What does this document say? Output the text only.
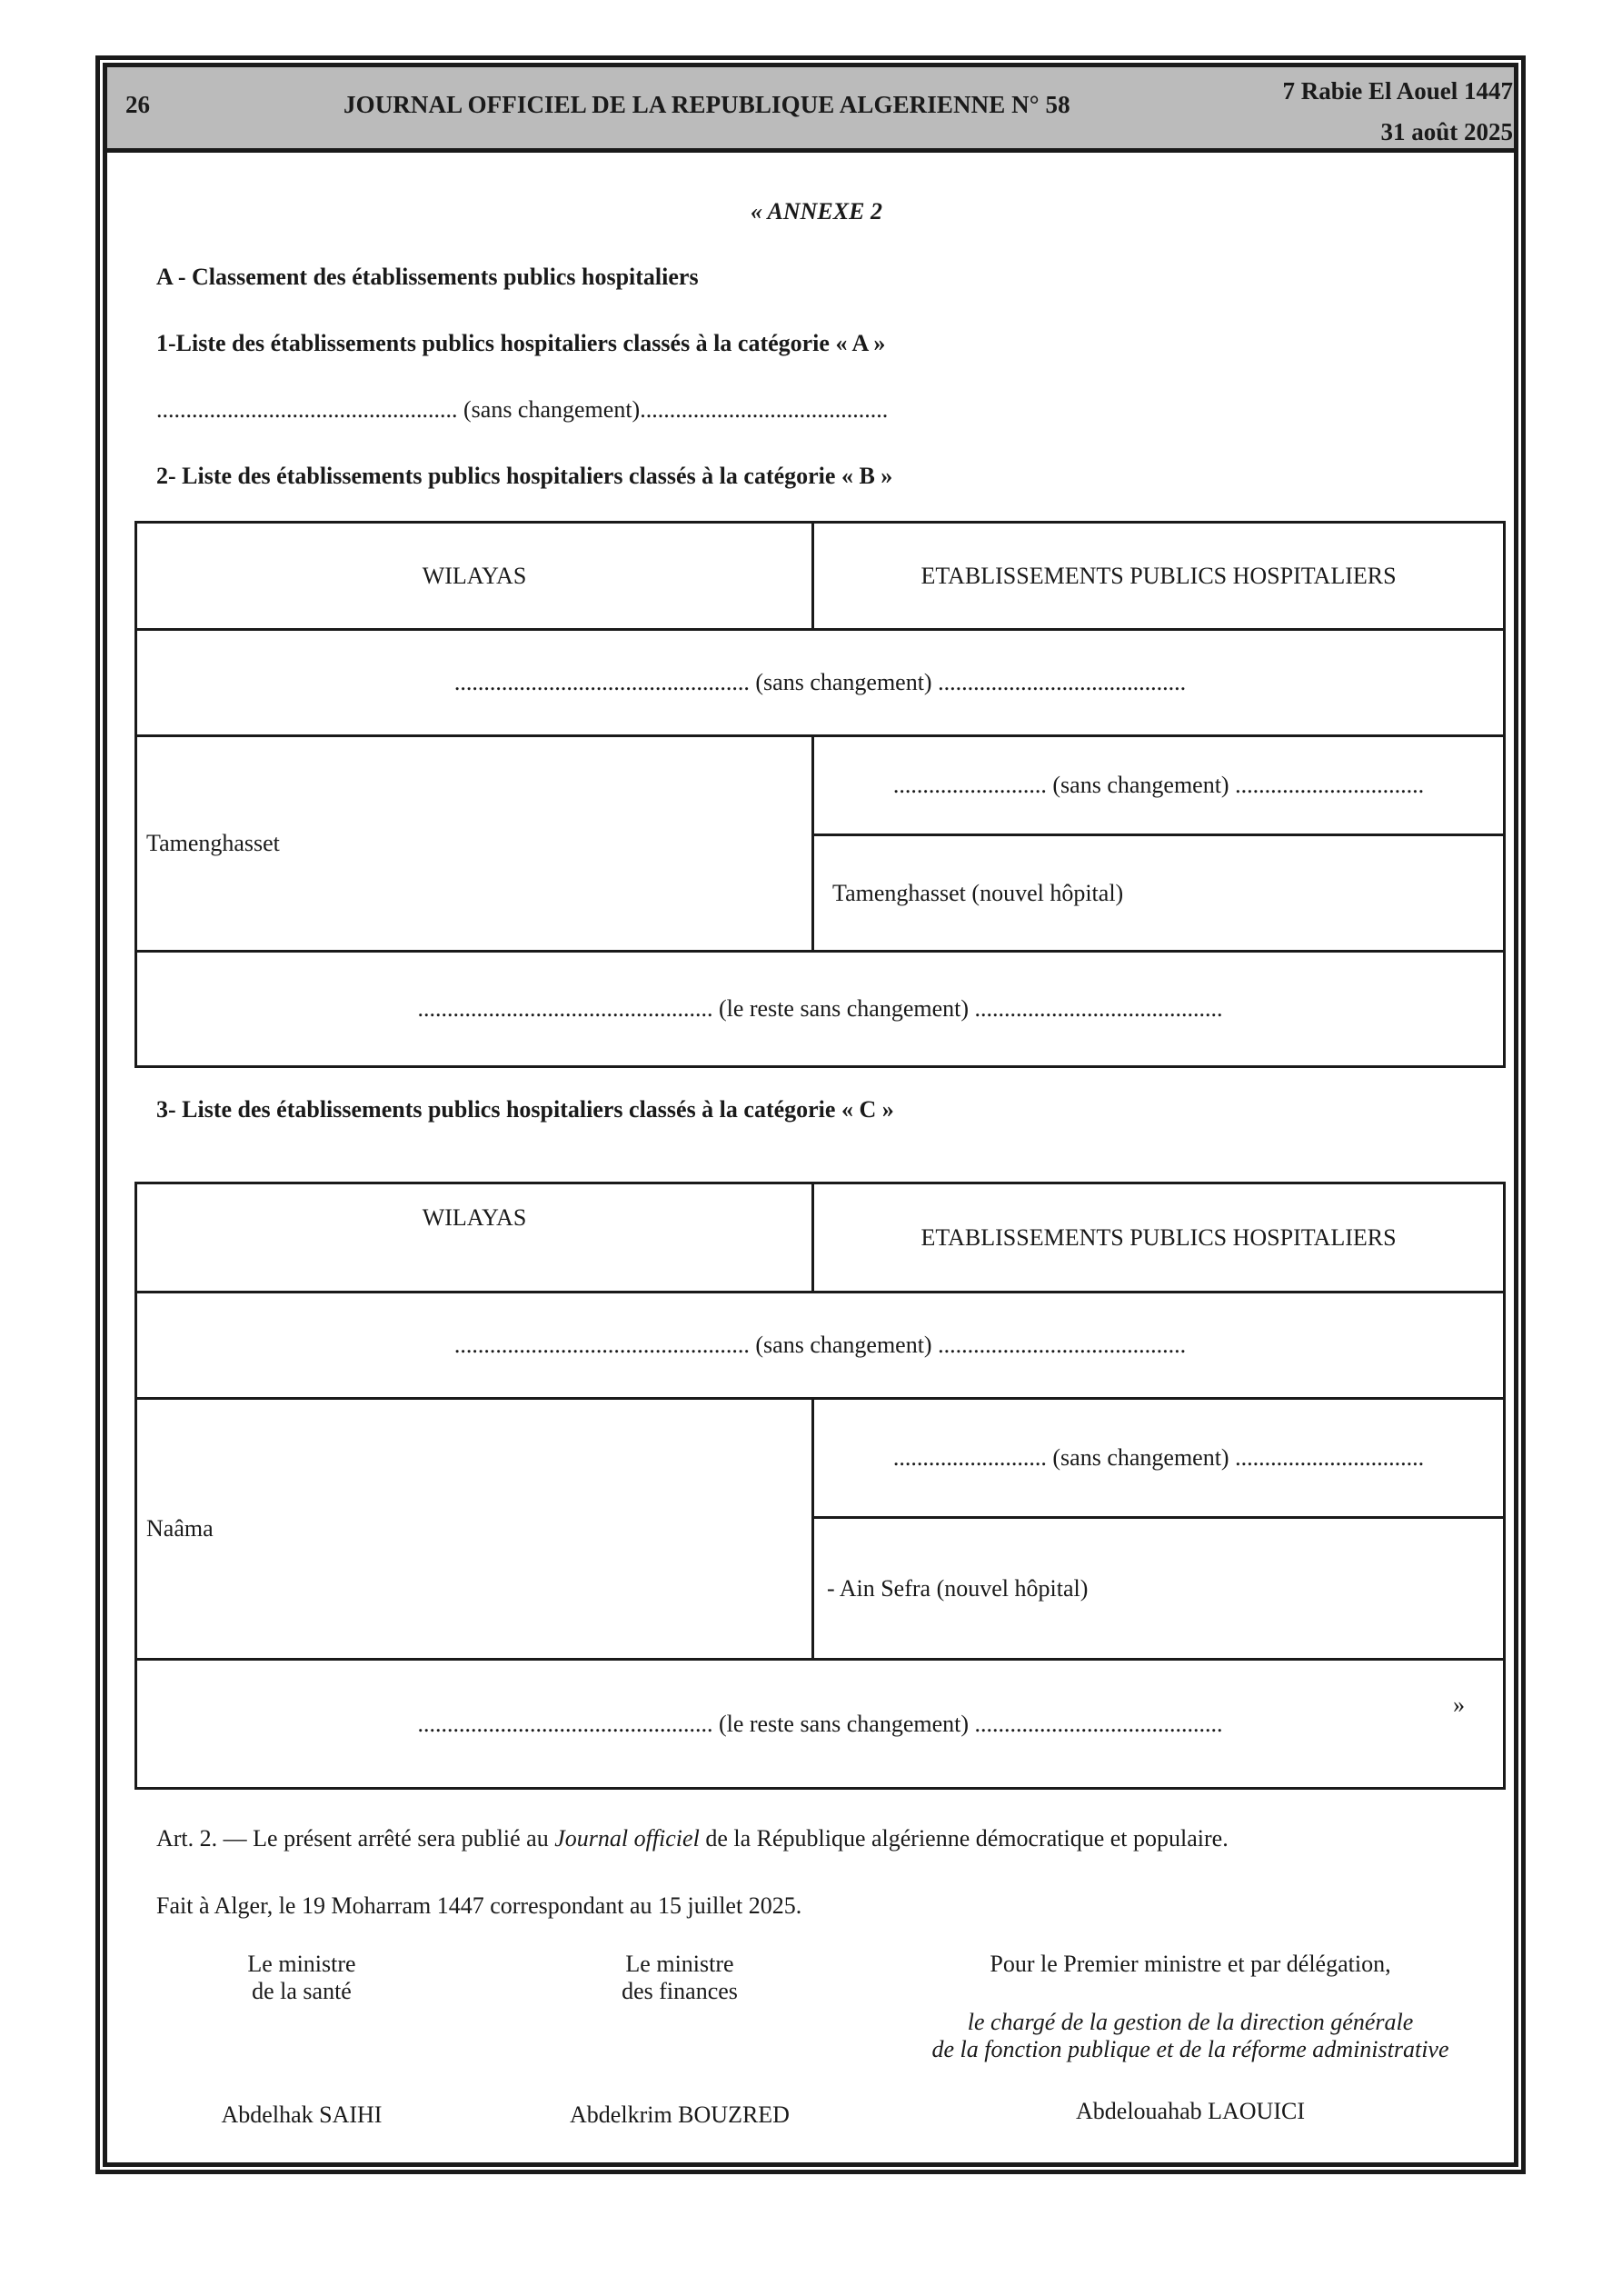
26	JOURNAL OFFICIEL DE LA REPUBLIQUE ALGERIENNE N° 58	7 Rabie El Aouel 1447
31 août 2025
« ANNEXE 2
A - Classement des établissements publics hospitaliers
1-Liste des établissements publics hospitaliers classés à la catégorie « A »
................................................... (sans changement)..........................................
2- Liste des établissements publics hospitaliers classés à la catégorie « B »
WILAYAS	ETABLISSEMENTS PUBLICS HOSPITALIERS
.................................................. (sans changement) ..........................................	
Tamenghasset	.......................... (sans changement) ................................
	Tamenghasset (nouvel hôpital)
.................................................. (le reste sans changement) ..........................................	
3- Liste des établissements publics hospitaliers classés à la catégorie « C »
WILAYAS	ETABLISSEMENTS PUBLICS HOSPITALIERS
.................................................. (sans changement) ..........................................	
Naâma	.......................... (sans changement) ................................
	- Ain Sefra (nouvel hôpital)
.................................................. (le reste sans changement) ..........................................
»	
Art. 2. — Le présent arrêté sera publié au Journal officiel de la République algérienne démocratique et populaire.
Fait à Alger, le 19 Moharram 1447 correspondant au 15 juillet 2025.
Le ministre
de la santé
Abdelhak SAIHI
Le ministre
des finances
Abdelkrim BOUZRED
Pour le Premier ministre et par délégation,
le chargé de la gestion de la direction générale
de la fonction publique et de la réforme administrative
Abdelouahab LAOUICI
